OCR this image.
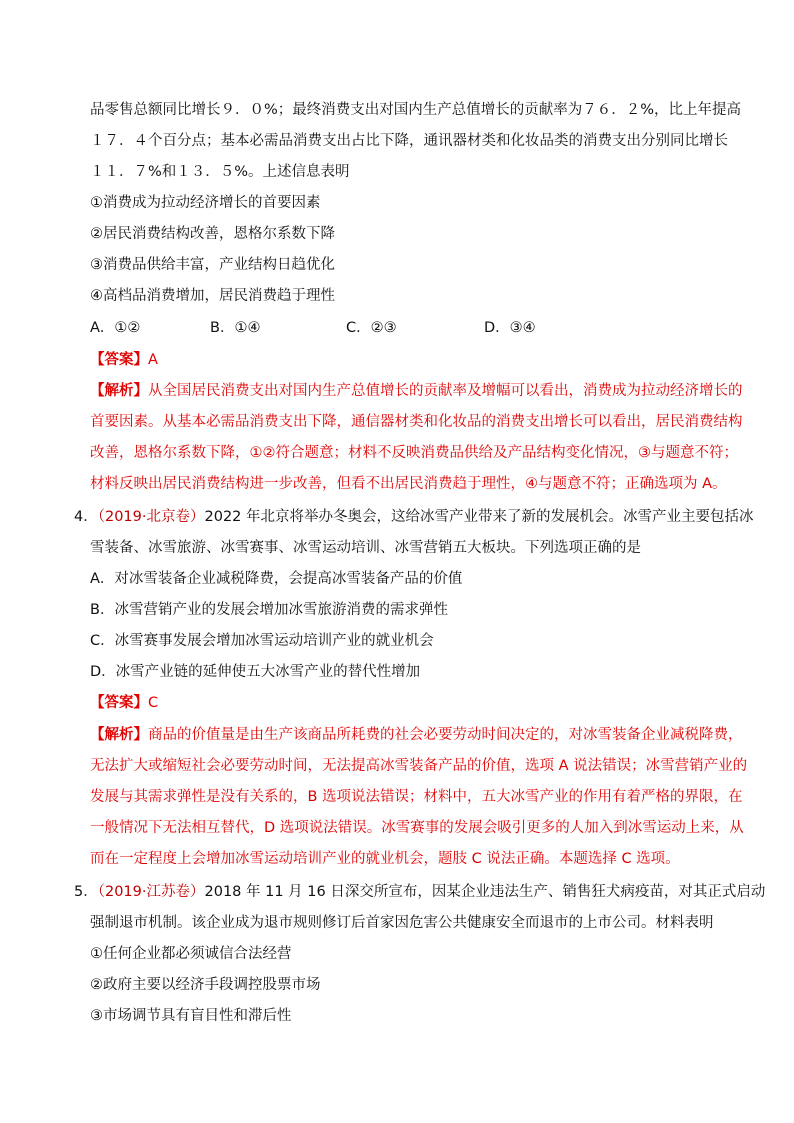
品零售总额同比增长９．０%；最终消费支出对国内生产总值增长的贡献率为７６．２%，比上年提高
１７．４个百分点；基本必需品消费支出占比下降，通讯器材类和化妆品类的消费支出分别同比增长
１１．７%和１３．５%。上述信息表明
①消费成为拉动经济增长的首要因素
②居民消费结构改善，恩格尔系数下降
③消费品供给丰富，产业结构日趋优化
④高档品消费增加，居民消费趋于理性
A．①②	B．①④	C．②③	D．③④
【答案】A
【解析】从全国居民消费支出对国内生产总值增长的贡献率及增幅可以看出，消费成为拉动经济增长的
首要因素。从基本必需品消费支出下降，通信器材类和化妆品的消费支出增长可以看出，居民消费结构
改善，恩格尔系数下降，①②符合题意；材料不反映消费品供给及产品结构变化情况，③与题意不符；
材料反映出居民消费结构进一步改善，但看不出居民消费趋于理性，④与题意不符；正确选项为 A。
4．（2019·北京卷）2022 年北京将举办冬奥会，这给冰雪产业带来了新的发展机会。冰雪产业主要包括冰
雪装备、冰雪旅游、冰雪赛事、冰雪运动培训、冰雪营销五大板块。下列选项正确的是
A．对冰雪装备企业减税降费，会提高冰雪装备产品的价值
B．冰雪营销产业的发展会增加冰雪旅游消费的需求弹性
C．冰雪赛事发展会增加冰雪运动培训产业的就业机会
D．冰雪产业链的延伸使五大冰雪产业的替代性增加
【答案】C
【解析】商品的价值量是由生产该商品所耗费的社会必要劳动时间决定的，对冰雪装备企业减税降费，
无法扩大或缩短社会必要劳动时间，无法提高冰雪装备产品的价值，选项 A 说法错误；冰雪营销产业的
发展与其需求弹性是没有关系的，B 选项说法错误；材料中，五大冰雪产业的作用有着严格的界限，在
一般情况下无法相互替代，D 选项说法错误。冰雪赛事的发展会吸引更多的人加入到冰雪运动上来，从
而在一定程度上会增加冰雪运动培训产业的就业机会，题肢 C 说法正确。本题选择 C 选项。
5．（2019·江苏卷）2018 年 11 月 16 日深交所宣布，因某企业违法生产、销售狂犬病疫苗，对其正式启动
强制退市机制。该企业成为退市规则修订后首家因危害公共健康安全而退市的上市公司。材料表明
①任何企业都必须诚信合法经营
②政府主要以经济手段调控股票市场
③市场调节具有盲目性和滞后性
